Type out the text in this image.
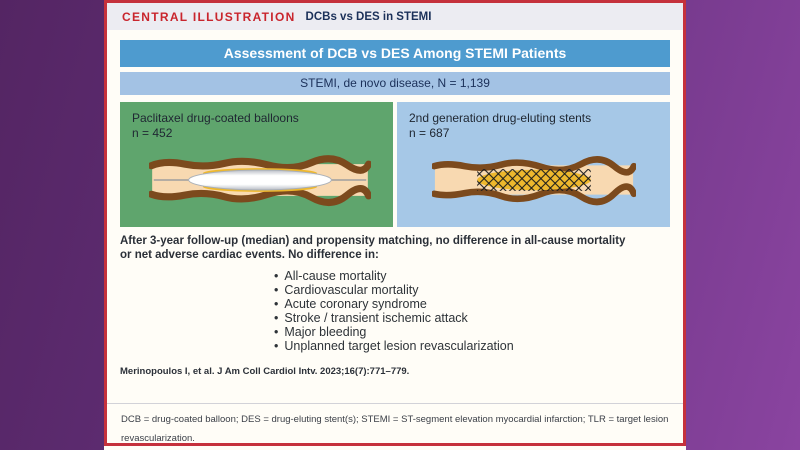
CENTRAL ILLUSTRATION DCBs vs DES in STEMI
Assessment of DCB vs DES Among STEMI Patients
STEMI, de novo disease, N = 1,139
Paclitaxel drug-coated balloons
n = 452
2nd generation drug-eluting stents
n = 687
After 3-year follow-up (median) and propensity matching, no difference in all-cause mortality
or net adverse cardiac events. No difference in:
• All-cause mortality
• Cardiovascular mortality
• Acute coronary syndrome
• Stroke / transient ischemic attack
• Major bleeding
• Unplanned target lesion revascularization
Merinopoulos I, et al. J Am Coll Cardiol Intv. 2023;16(7):771–779.
DCB = drug-coated balloon; DES = drug-eluting stent(s); STEMI = ST-segment elevation myocardial infarction; TLR = target lesion revascularization.
